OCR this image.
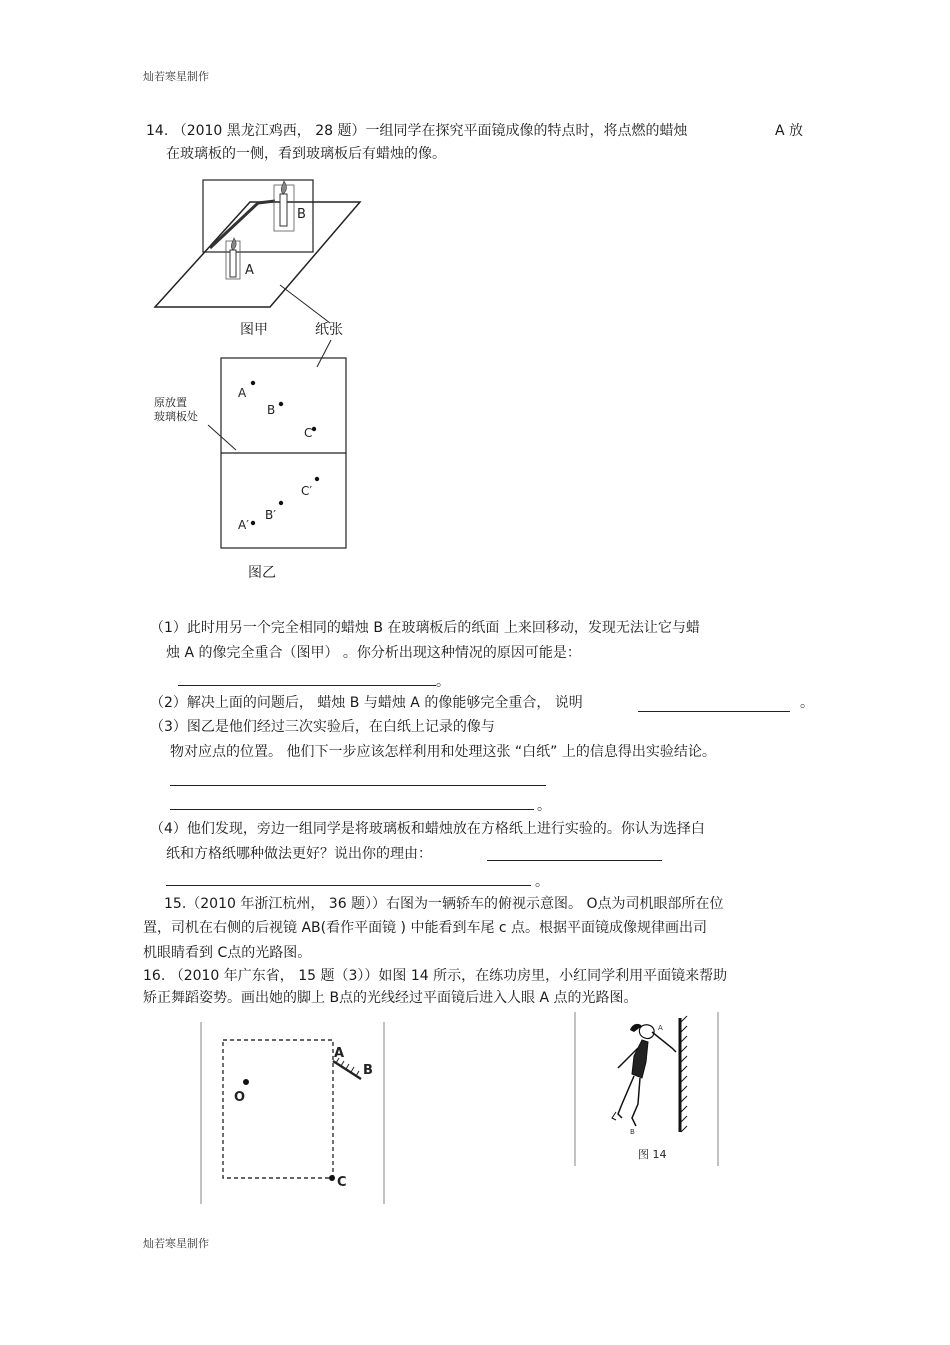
灿若寒星制作
灿若寒星制作
14. （2010 黑龙江鸡西， 28 题）一组同学在探究平面镜成像的特点时，将点燃的蜡烛	A 放
在玻璃板的一侧，看到玻璃板后有蜡烛的像。
B
A
图甲	纸张
A
B
C
A′
B′
C′
原放置
玻璃板处
图乙
（1）此时用另一个完全相同的蜡烛 B 在玻璃板后的纸面 上来回移动，发现无法让它与蜡
烛 A 的像完全重合（图甲） 。你分析出现这种情况的原因可能是：
。
（2）解决上面的问题后， 蜡烛 B 与蜡烛 A 的像能够完全重合， 说明	。
（3）图乙是他们经过三次实验后，在白纸上记录的像与
物对应点的位置。 他们下一步应该怎样利用和处理这张 “白纸” 上的信息得出实验结论。
。
（4）他们发现，旁边一组同学是将玻璃板和蜡烛放在方格纸上进行实验的。你认为选择白
纸和方格纸哪种做法更好？说出你的理由：
。
15.（2010 年浙江杭州， 36 题））右图为一辆轿车的俯视示意图。 O点为司机眼部所在位
置，司机在右侧的后视镜 AB(看作平面镜 ) 中能看到车尾 c 点。根据平面镜成像规律画出司
机眼睛看到 C点的光路图。
16. （2010 年广东省， 15 题（3））如图 14 所示，在练功房里，小红同学利用平面镜来帮助
矫正舞蹈姿势。画出她的脚上 B点的光线经过平面镜后进入人眼 A 点的光路图。
A
B
O
C
A
B
图 14
